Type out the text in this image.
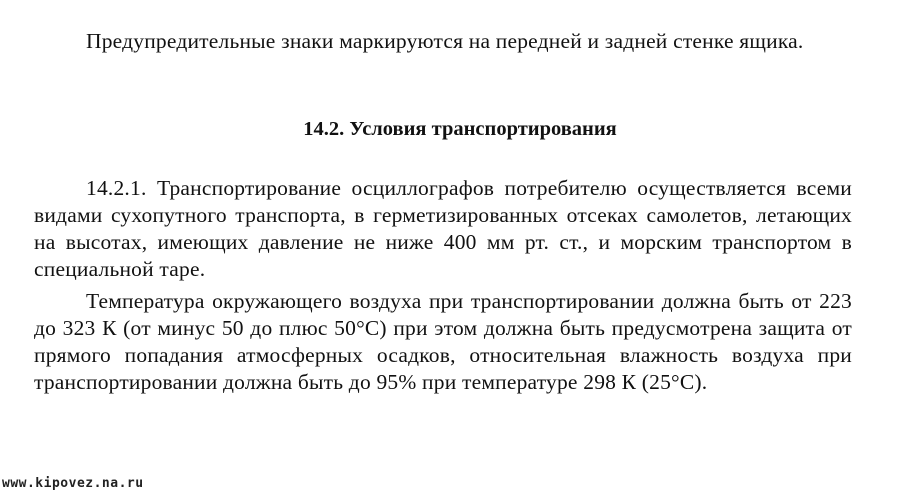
Предупредительные знаки маркируются на передней и задней стенке ящика.

14.2. Условия транспортирования

14.2.1. Транспортирование осциллографов потребителю осуществляется всеми видами сухопутного транспорта, в герметизированных отсеках самолетов, летающих на высотах, имеющих давление не ниже 400 мм рт. ст., и морским транспортом в специальной таре.

Температура окружающего воздуха при транспортировании должна быть от 223 до 323 К (от минус 50 до плюс 50°С) при этом должна быть предусмотрена защита от прямого попадания атмосферных осадков, относительная влажность воздуха при транспортировании должна быть до 95% при температуре 298 К (25°С).

www.kipovez.na.ru
